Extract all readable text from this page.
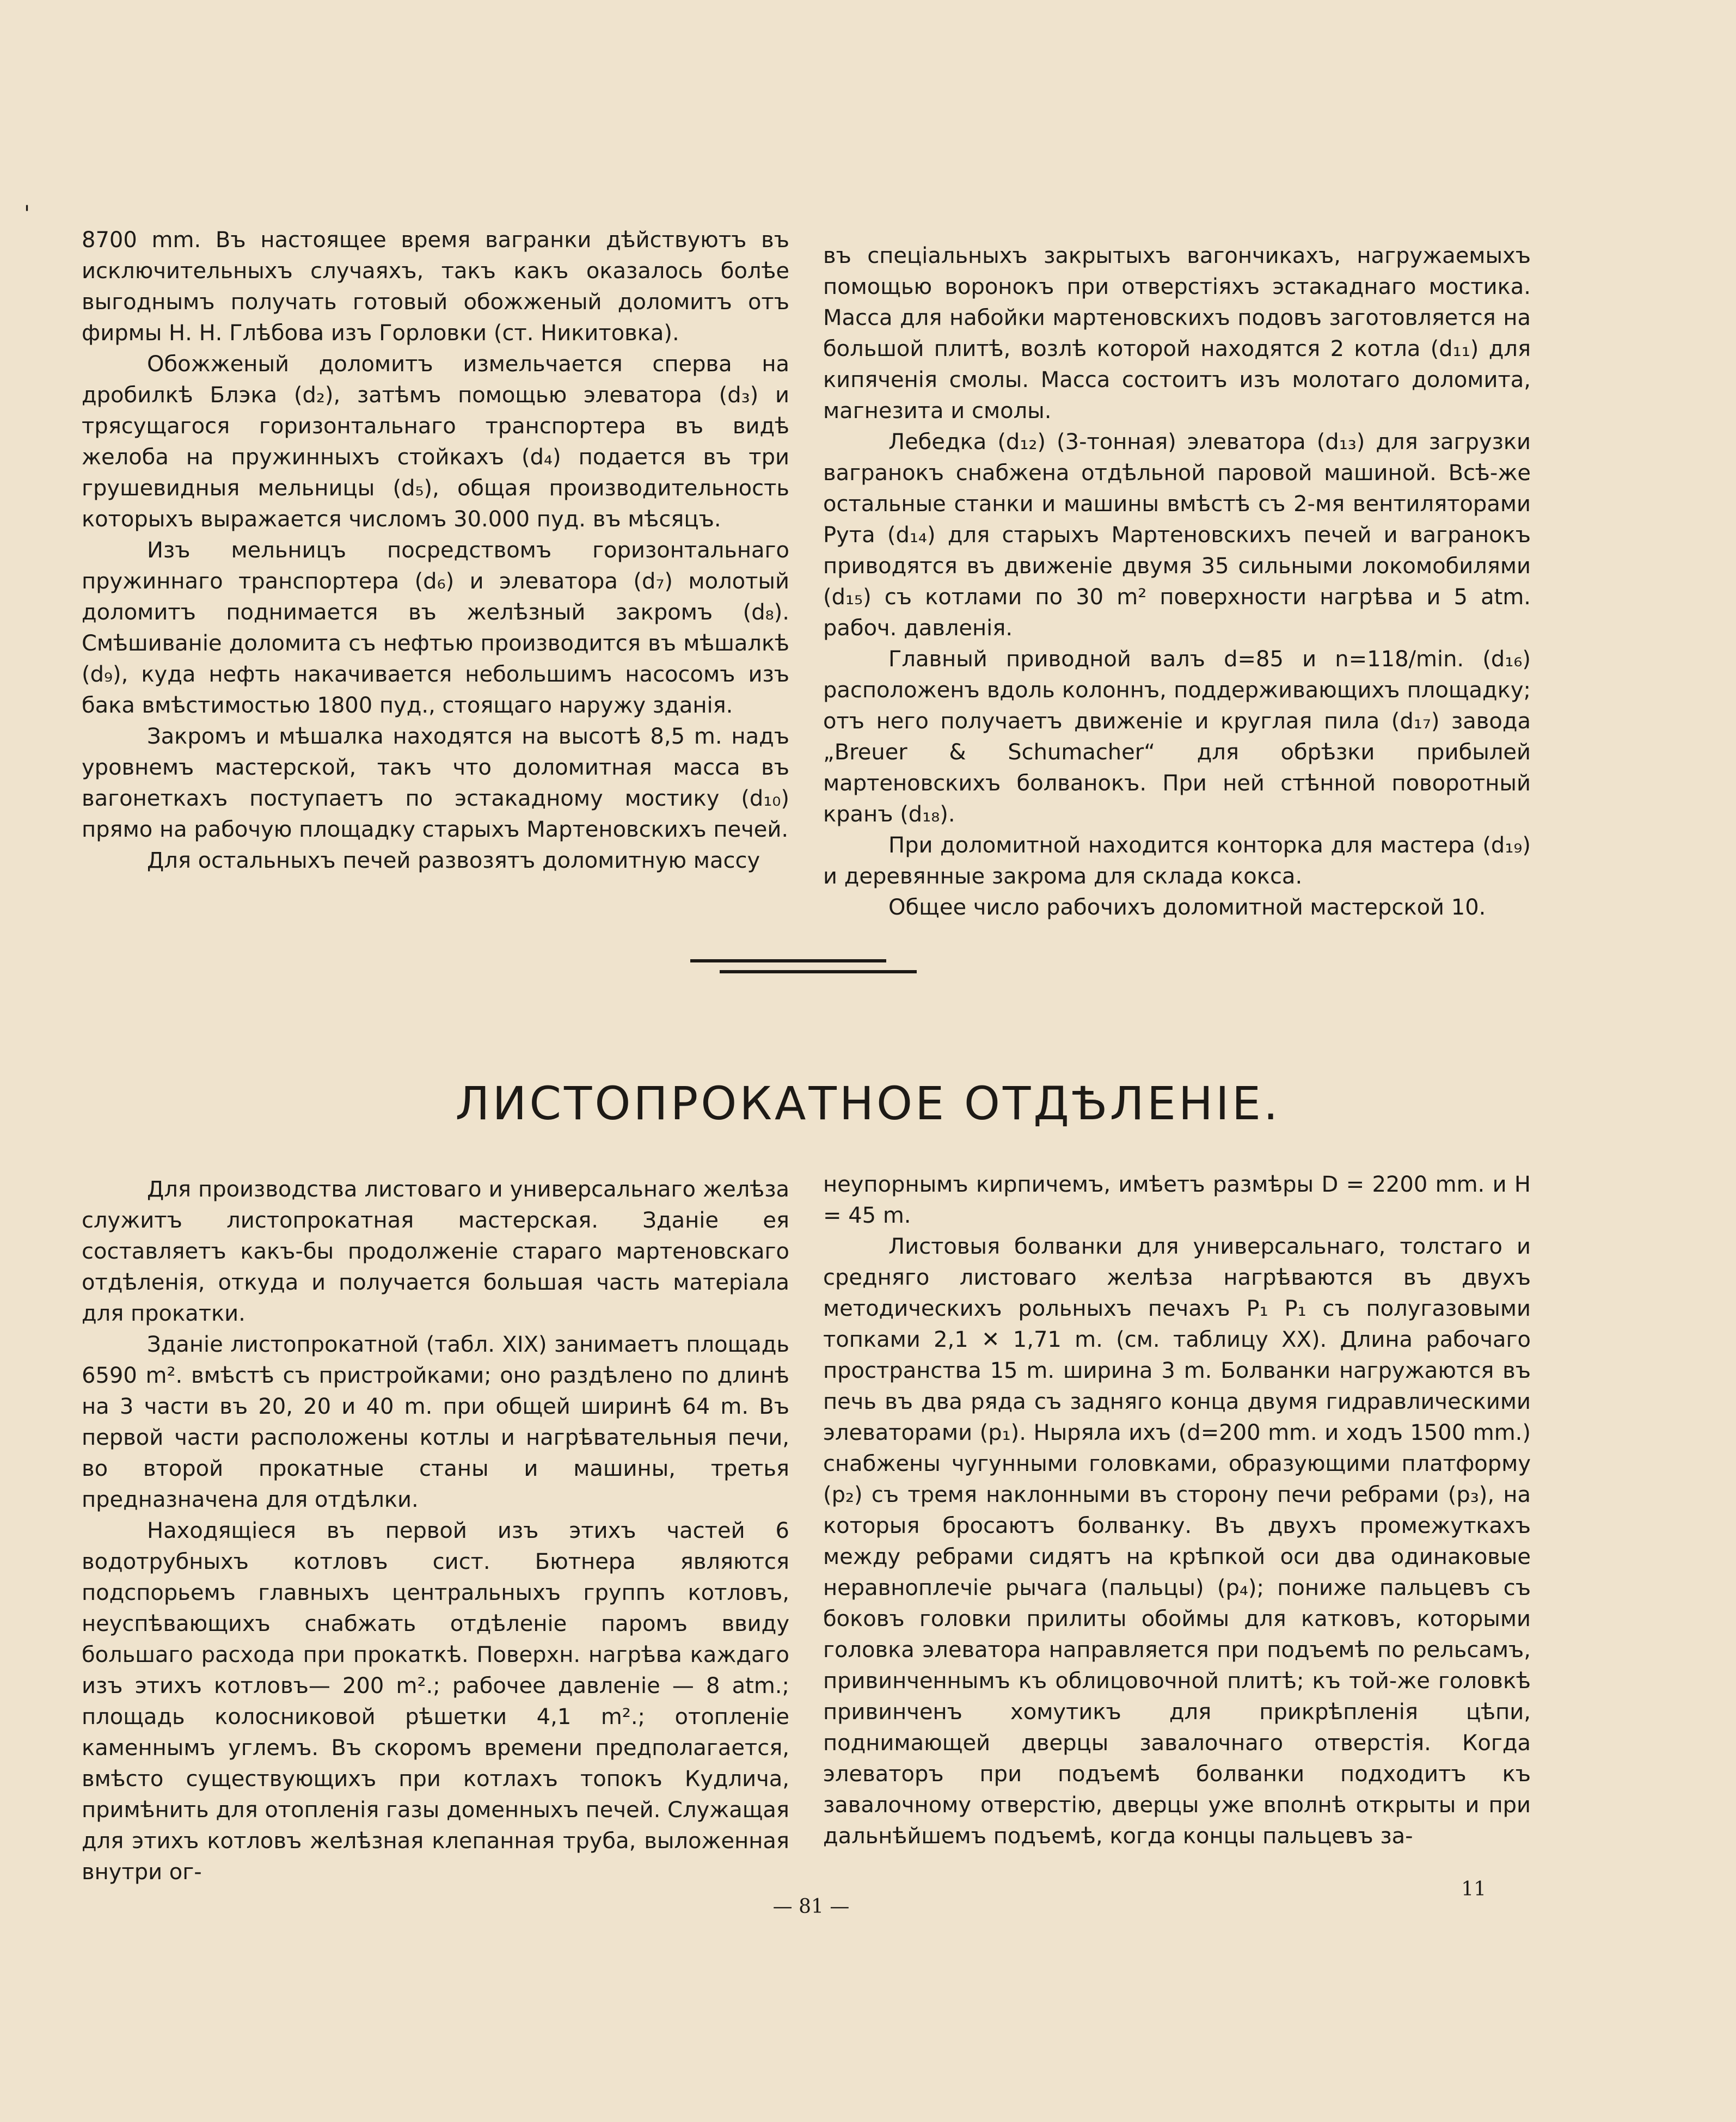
'

8700 mm. Въ настоящее время вагранки дѣйствуютъ въ исключительныхъ случаяхъ, такъ какъ оказалось болѣе выгоднымъ получать готовый обожженый доломитъ отъ фирмы Н. Н. Глѣбова изъ Горловки (ст. Никитовка).

Обожженый доломитъ измельчается сперва на дробилкѣ Блэка (d₂), затѣмъ помощью элеватора (d₃) и трясущагося горизонтальнаго транспортера въ видѣ желоба на пружинныхъ стойкахъ (d₄) подается въ три грушевидныя мельницы (d₅), общая производительность которыхъ выражается числомъ 30.000 пуд. въ мѣсяцъ.

Изъ мельницъ посредствомъ горизонтальнаго пружиннаго транспортера (d₆) и элеватора (d₇) молотый доломитъ поднимается въ желѣзный закромъ (d₈). Смѣшиванiе доломита съ нефтью производится въ мѣшалкѣ (d₉), куда нефть накачивается небольшимъ насосомъ изъ бака вмѣстимостью 1800 пуд., стоящаго наружу зданiя.

Закромъ и мѣшалка находятся на высотѣ 8,5 m. надъ уровнемъ мастерской, такъ что доломитная масса въ вагонеткахъ поступаетъ по эстакадному мостику (d₁₀) прямо на рабочую площадку старыхъ Мартеновскихъ печей.

Для остальныхъ печей развозятъ доломитную массу

въ спецiальныхъ закрытыхъ вагончикахъ, нагружаемыхъ помощью воронокъ при отверстiяхъ эстакаднаго мостика. Масса для набойки мартеновскихъ подовъ заготовляется на большой плитѣ, возлѣ которой находятся 2 котла (d₁₁) для кипяченiя смолы. Масса состоитъ изъ молотаго доломита, магнезита и смолы.

Лебедка (d₁₂) (3-тонная) элеватора (d₁₃) для загрузки вагранокъ снабжена отдѣльной паровой машиной. Всѣ-же остальные станки и машины вмѣстѣ съ 2-мя вентиляторами Рута (d₁₄) для старыхъ Мартеновскихъ печей и вагранокъ приводятся въ движенiе двумя 35 сильными локомобилями (d₁₅) съ котлами по 30 m² поверхности нагрѣва и 5 atm. рабоч. давленiя.

Главный приводной валъ d=85 и n=118/min. (d₁₆) расположенъ вдоль колоннъ, поддерживающихъ площадку; отъ него получаетъ движенiе и круглая пила (d₁₇) завода „Breuer & Schumacher“ для обрѣзки прибылей мартеновскихъ болванокъ. При ней стѣнной поворотный кранъ (d₁₈).

При доломитной находится конторка для мастера (d₁₉) и деревянные закрома для склада кокса.

Общее число рабочихъ доломитной мастерской 10.

ЛИСТОПРОКАТНОЕ ОТДѢЛЕНIЕ.

Для производства листоваго и универсальнаго желѣза служитъ листопрокатная мастерская. Зданiе ея составляетъ какъ-бы продолженiе стараго мартеновскаго отдѣленiя, откуда и получается большая часть матерiала для прокатки.

Зданiе листопрокатной (табл. XIX) занимаетъ площадь 6590 m². вмѣстѣ съ пристройками; оно раздѣлено по длинѣ на 3 части въ 20, 20 и 40 m. при общей ширинѣ 64 m. Въ первой части расположены котлы и нагрѣвательныя печи, во второй прокатные станы и машины, третья предназначена для отдѣлки.

Находящiеся въ первой изъ этихъ частей 6 водотрубныхъ котловъ сист. Бютнера являются подспорьемъ главныхъ центральныхъ группъ котловъ, неуспѣвающихъ снабжать отдѣленiе паромъ ввиду большаго расхода при прокаткѣ. Поверхн. нагрѣва каждаго изъ этихъ котловъ— 200 m².; рабочее давленiе — 8 atm.; площадь колосниковой рѣшетки 4,1 m².; отопленiе каменнымъ углемъ. Въ скоромъ времени предполагается, вмѣсто существующихъ при котлахъ топокъ Кудлича, примѣнить для отопленiя газы доменныхъ печей. Служащая для этихъ котловъ желѣзная клепанная труба, выложенная внутри ог-

неупорнымъ кирпичемъ, имѣетъ размѣры D = 2200 mm. и H = 45 m.

Листовыя болванки для универсальнаго, толстаго и средняго листоваго желѣза нагрѣваются въ двухъ методическихъ рольныхъ печахъ P₁ P₁ съ полугазовыми топками 2,1 ✕ 1,71 m. (см. таблицу XX). Длина рабочаго пространства 15 m. ширина 3 m. Болванки нагружаются въ печь въ два ряда съ задняго конца двумя гидравлическими элеваторами (p₁). Ныряла ихъ (d=200 mm. и ходъ 1500 mm.) снабжены чугунными головками, образующими платформу (p₂) съ тремя наклонными въ сторону печи ребрами (p₃), на которыя бросаютъ болванку. Въ двухъ промежуткахъ между ребрами сидятъ на крѣпкой оси два одинаковые неравноплечiе рычага (пальцы) (p₄); пониже пальцевъ съ боковъ головки прилиты обоймы для катковъ, которыми головка элеватора направляется при подъемѣ по рельсамъ, привинченнымъ къ облицовочной плитѣ; къ той-же головкѣ привинченъ хомутикъ для прикрѣпленiя цѣпи, поднимающей дверцы завалочнаго отверстiя. Когда элеваторъ при подъемѣ болванки подходитъ къ завалочному отверстiю, дверцы уже вполнѣ открыты и при дальнѣйшемъ подъемѣ, когда концы пальцевъ за-

— 81 —
11
